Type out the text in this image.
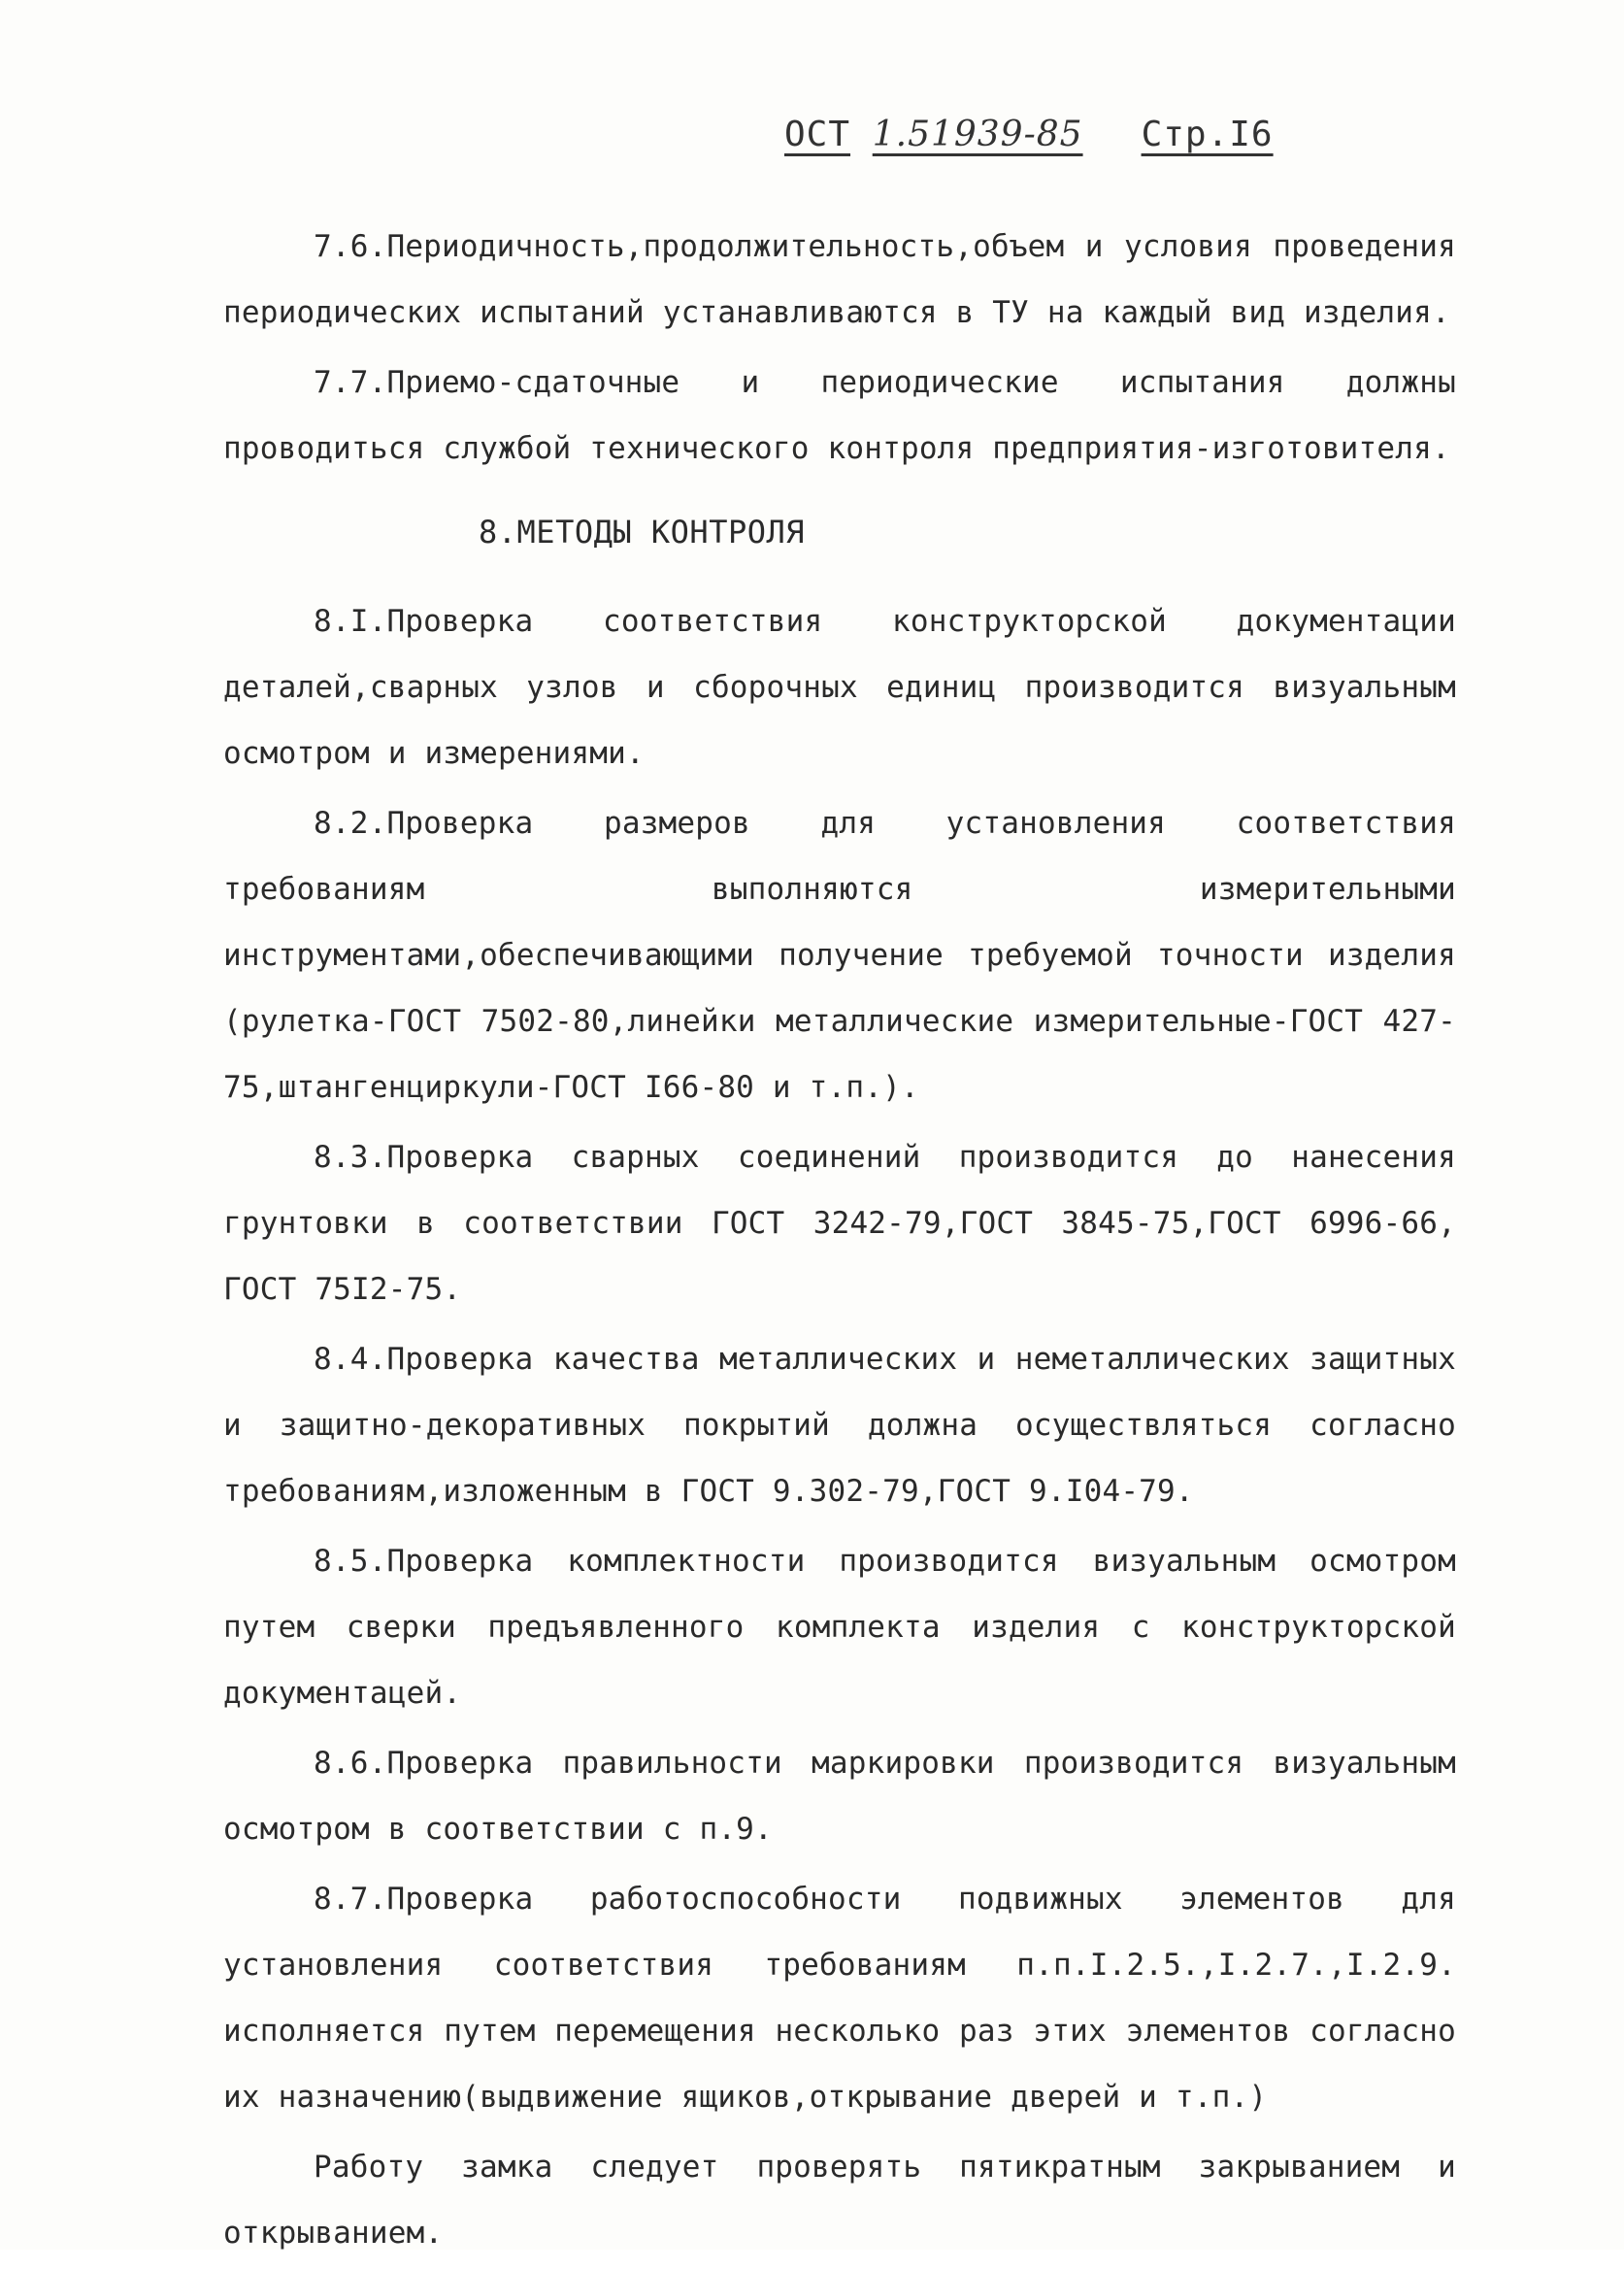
ОСТ 1.51939-85 Стр.I6

7.6.Периодичность,продолжительность,объем и условия проведения периодических испытаний устанавливаются в ТУ на каждый вид изделия.

7.7.Приемо-сдаточные и периодические испытания должны проводиться службой технического контроля предприятия-изготовителя.

8.МЕТОДЫ КОНТРОЛЯ

8.I.Проверка соответствия конструкторской документации деталей,сварных узлов и сборочных единиц производится визуальным осмотром и измерениями.

8.2.Проверка размеров для установления соответствия требованиям выполняются измерительными инструментами,обеспечивающими получение требуемой точности изделия (рулетка-ГОСТ 7502-80,линейки металлические измерительные-ГОСТ 427-75,штангенциркули-ГОСТ I66-80 и т.п.).

8.3.Проверка сварных соединений производится до нанесения грунтовки в соответствии ГОСТ 3242-79,ГОСТ 3845-75,ГОСТ 6996-66, ГОСТ 75I2-75.

8.4.Проверка качества металлических и неметаллических защитных и защитно-декоративных покрытий должна осуществляться согласно требованиям,изложенным в ГОСТ 9.302-79,ГОСТ 9.I04-79.

8.5.Проверка комплектности производится визуальным осмотром путем сверки предъявленного комплекта изделия с конструкторской документацей.

8.6.Проверка правильности маркировки производится визуальным осмотром в соответствии с п.9.

8.7.Проверка работоспособности подвижных элементов для установления соответствия требованиям п.п.I.2.5.,I.2.7.,I.2.9. исполняется путем перемещения несколько раз этих элементов согласно их назначению(выдвижение ящиков,открывание дверей и т.п.)

Работу замка следует проверять пятикратным закрыванием и открыванием.
